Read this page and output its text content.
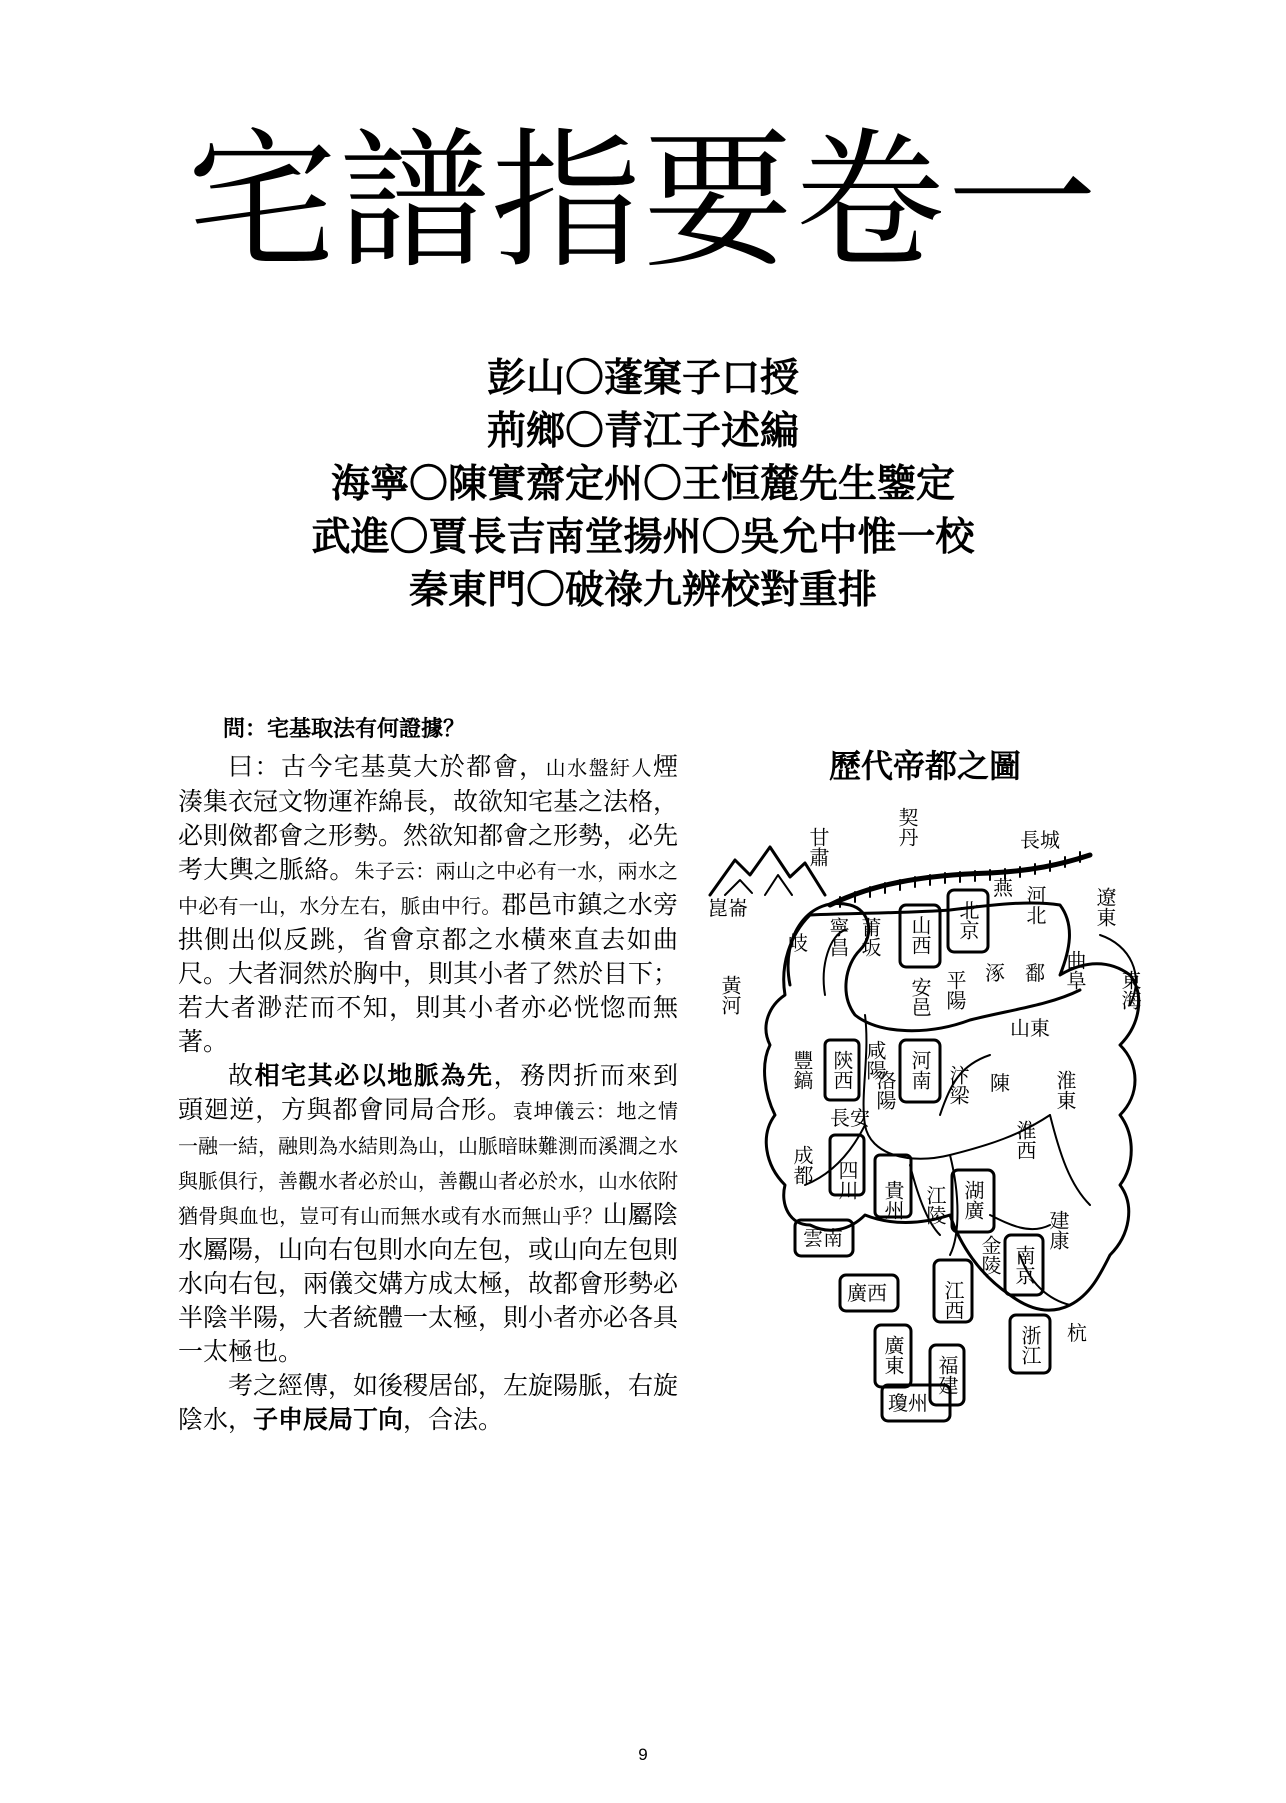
宅譜指要卷一
彭山〇蓬窠子口授
荊鄉〇青江子述編
海寧〇陳實齋定州〇王恒麓先生鑒定
武進〇賈長吉南堂揚州〇吳允中惟一校
秦東門〇破祿九辨校對重排
問：宅基取法有何證據？
曰：古今宅基莫大於都會，山水盤紆人煙湊集衣冠文物運祚綿長，故欲知宅基之法格，必則傚都會之形勢。然欲知都會之形勢，必先考大輿之脈絡。朱子云：兩山之中必有一水，兩水之中必有一山，水分左右，脈由中行。郡邑市鎮之水旁拱側出似反跳，省會京都之水橫來直去如曲尺。大者洞然於胸中，則其小者了然於目下；若大者渺茫而不知，則其小者亦必恍惚而無著。
故相宅其必以地脈為先，務閃折而來到頭廻逆，方與都會同局合形。袁坤儀云：地之情一融一結，融則為水結則為山，山脈暗昧難測而溪澗之水與脈俱行，善觀水者必於山，善觀山者必於水，山水依附猶骨與血也，豈可有山而無水或有水而無山乎？山屬陰水屬陽，山向右包則水向左包，或山向左包則水向右包，兩儀交媾方成太極，故都會形勢必半陰半陽，大者統體一太極，則小者亦必各具一太極也。
考之經傳，如後稷居邰，左旋陽脈，右旋陰水，子申辰局丁向，合法。
歷代帝都之圖
崑崙
甘肅	契丹	長城
遼東
東海
黃河
寧昌
岐	莆坂 山西 北京
燕 河北
安邑 平陽 涿 鄱 曲阜
豐鎬 陝西 咸陽
長安
洛陽 河南 汴梁 陳
山東
成都 四川
淮東
淮西
貴州 江陵 湖廣
雲南
廣西	江西
金陵 南京
建康
廣東 福建
浙江 杭
瓊州
9
